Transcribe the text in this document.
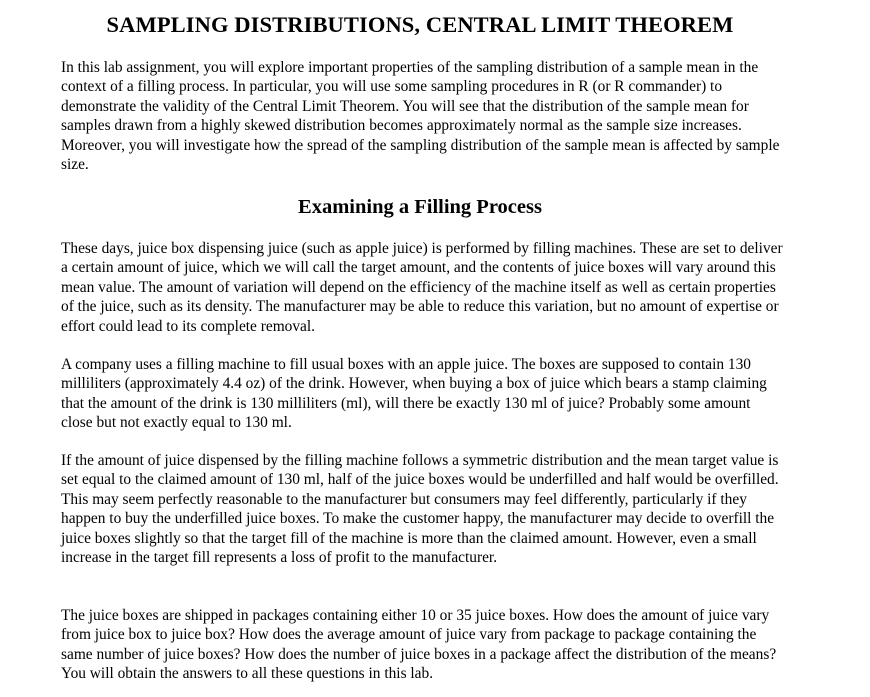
SAMPLING DISTRIBUTIONS, CENTRAL LIMIT THEOREM

In this lab assignment, you will explore important properties of the sampling distribution of a sample mean in the context of a filling process. In particular, you will use some sampling procedures in R (or R commander) to demonstrate the validity of the Central Limit Theorem. You will see that the distribution of the sample mean for samples drawn from a highly skewed distribution becomes approximately normal as the sample size increases. Moreover, you will investigate how the spread of the sampling distribution of the sample mean is affected by sample size.

Examining a Filling Process

These days, juice box dispensing juice (such as apple juice) is performed by filling machines. These are set to deliver a certain amount of juice, which we will call the target amount, and the contents of juice boxes will vary around this mean value. The amount of variation will depend on the efficiency of the machine itself as well as certain properties of the juice, such as its density. The manufacturer may be able to reduce this variation, but no amount of expertise or effort could lead to its complete removal.

A company uses a filling machine to fill usual boxes with an apple juice. The boxes are supposed to contain 130 milliliters (approximately 4.4 oz) of the drink. However, when buying a box of juice which bears a stamp claiming that the amount of the drink is 130 milliliters (ml), will there be exactly 130 ml of juice? Probably some amount close but not exactly equal to 130 ml.

If the amount of juice dispensed by the filling machine follows a symmetric distribution and the mean target value is set equal to the claimed amount of 130 ml, half of the juice boxes would be underfilled and half would be overfilled. This may seem perfectly reasonable to the manufacturer but consumers may feel differently, particularly if they happen to buy the underfilled juice boxes. To make the customer happy, the manufacturer may decide to overfill the juice boxes slightly so that the target fill of the machine is more than the claimed amount. However, even a small increase in the target fill represents a loss of profit to the manufacturer.

The juice boxes are shipped in packages containing either 10 or 35 juice boxes. How does the amount of juice vary from juice box to juice box? How does the average amount of juice vary from package to package containing the same number of juice boxes? How does the number of juice boxes in a package affect the distribution of the means? You will obtain the answers to all these questions in this lab.
